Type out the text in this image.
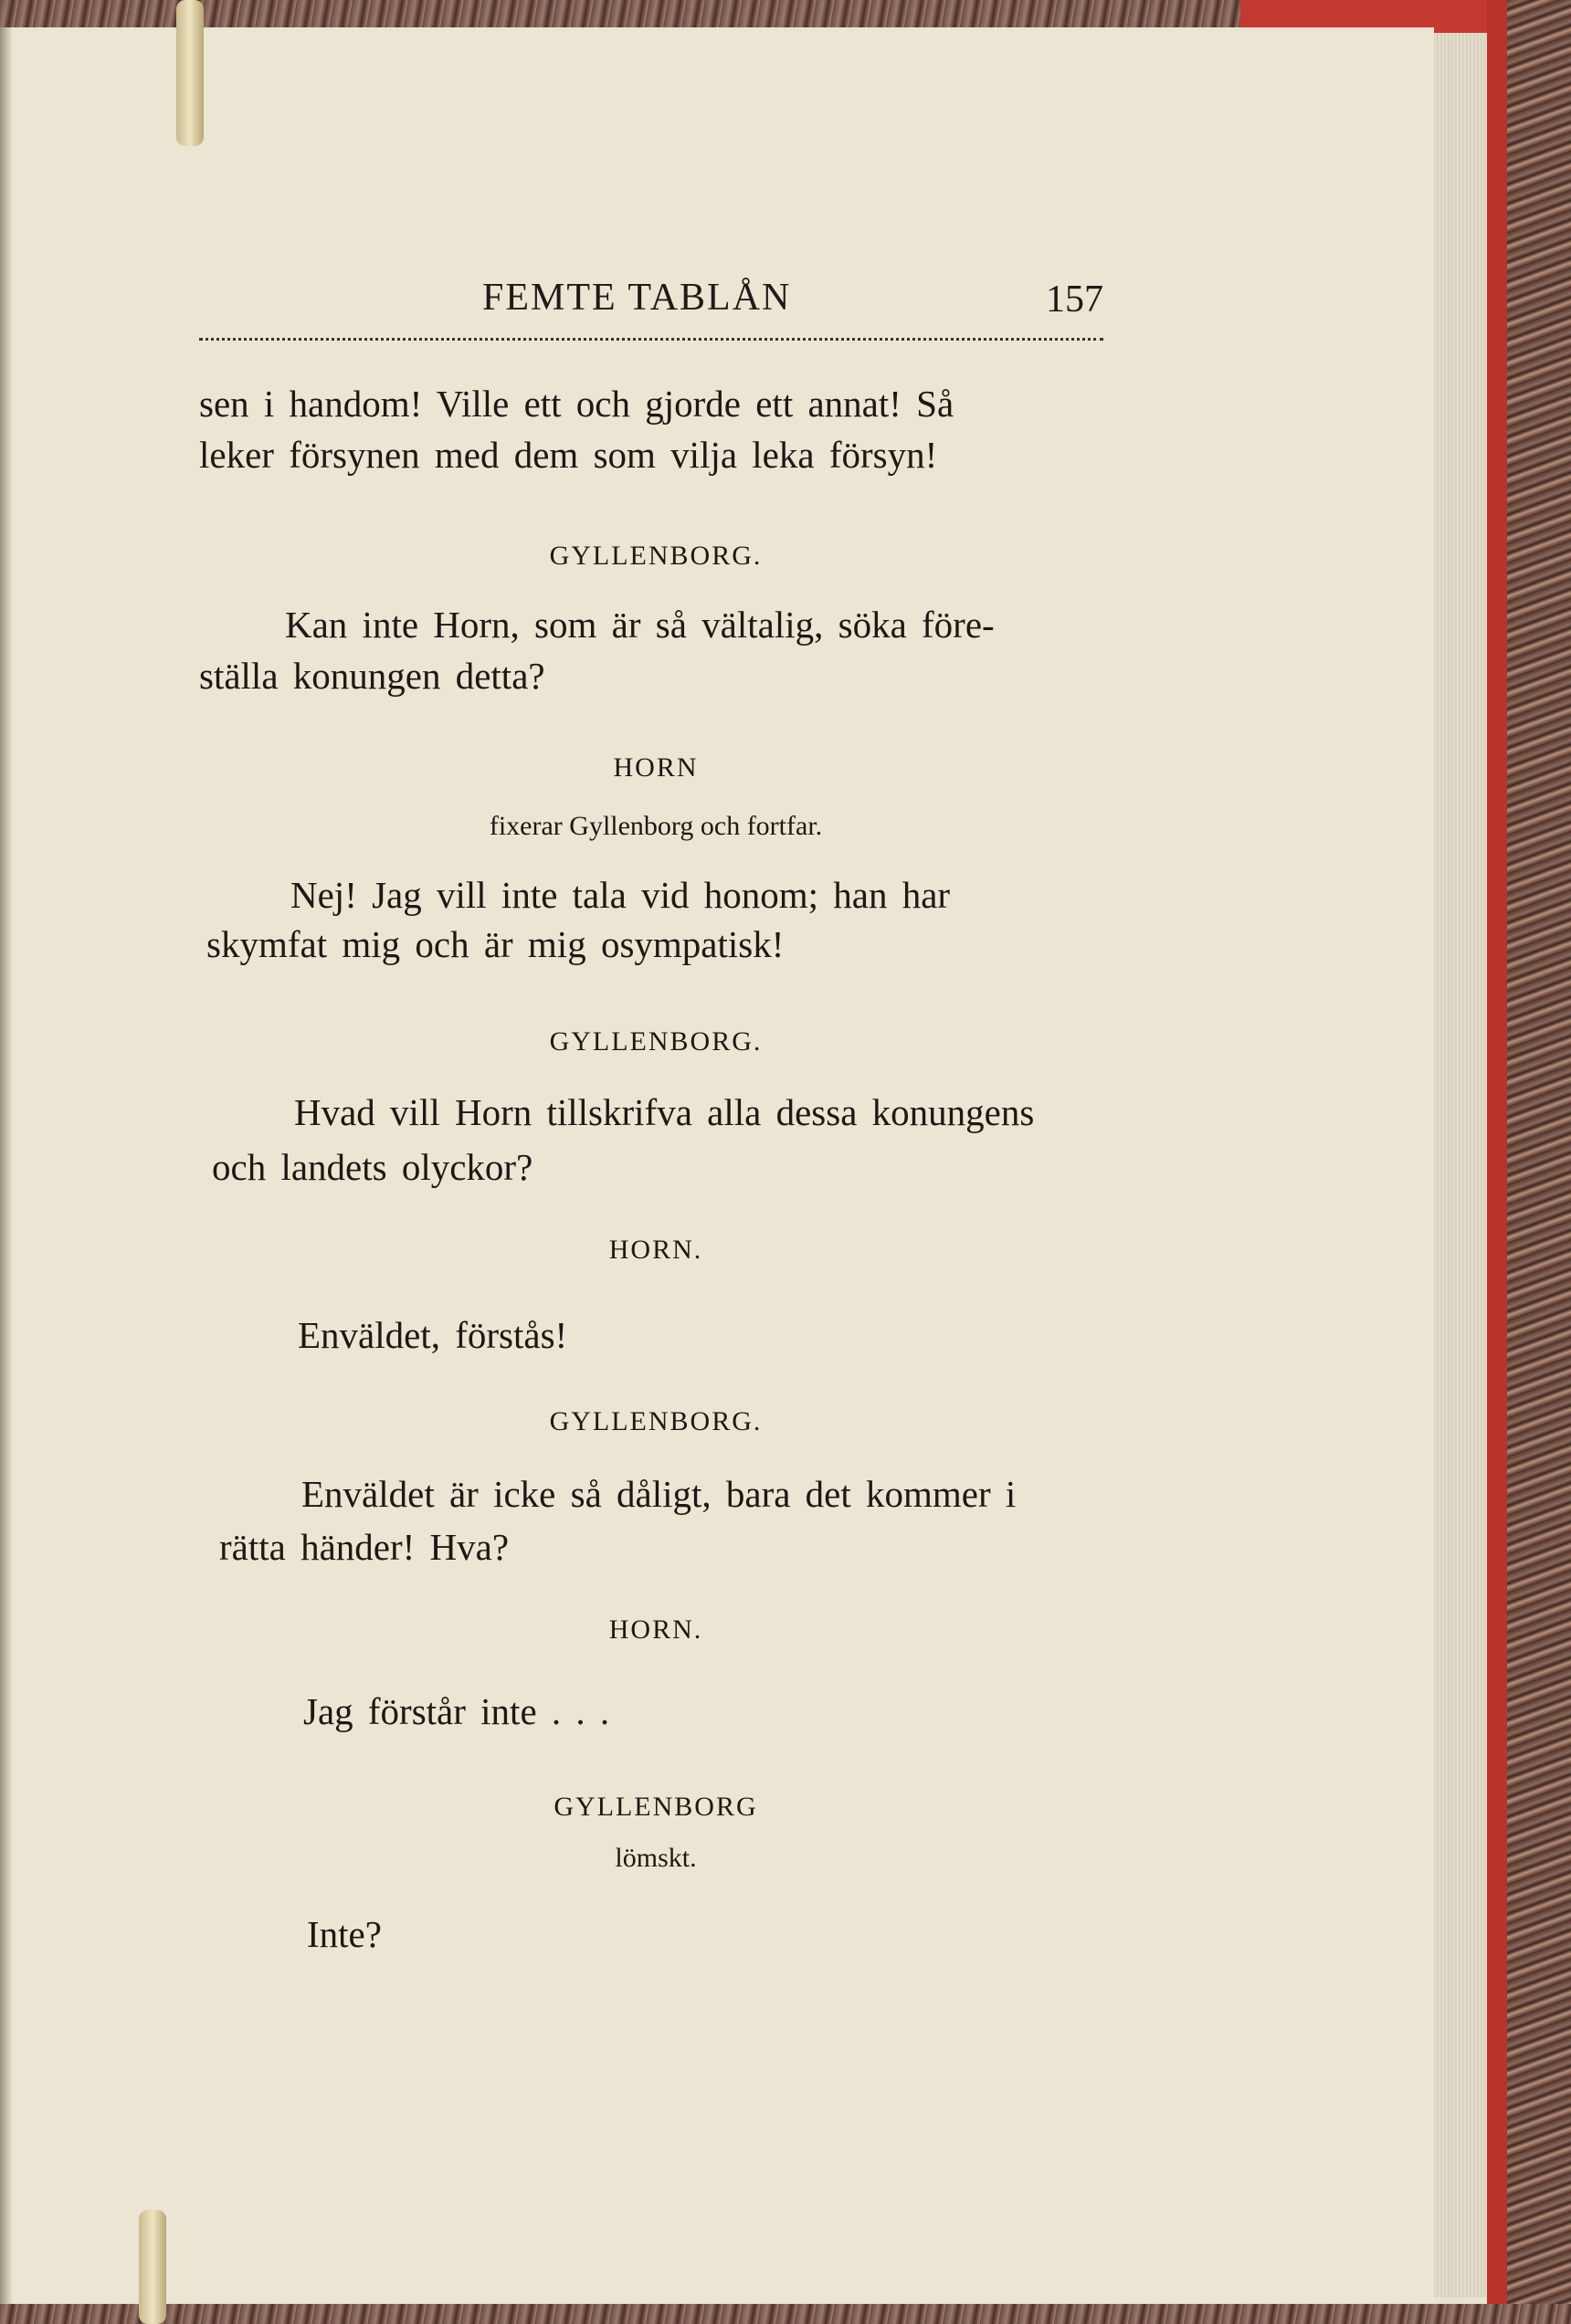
FEMTE TABLÅN	157
sen i handom! Ville ett och gjorde ett annat! Så
leker försynen med dem som vilja leka försyn!
GYLLENBORG.
Kan inte Horn, som är så vältalig, söka före-
ställa konungen detta?
HORN
fixerar Gyllenborg och fortfar.
Nej! Jag vill inte tala vid honom; han har
skymfat mig och är mig osympatisk!
GYLLENBORG.
Hvad vill Horn tillskrifva alla dessa konungens
och landets olyckor?
HORN.
Enväldet, förstås!
GYLLENBORG.
Enväldet är icke så dåligt, bara det kommer i
rätta händer! Hva?
HORN.
Jag förstår inte . . .
GYLLENBORG
lömskt.
Inte?
